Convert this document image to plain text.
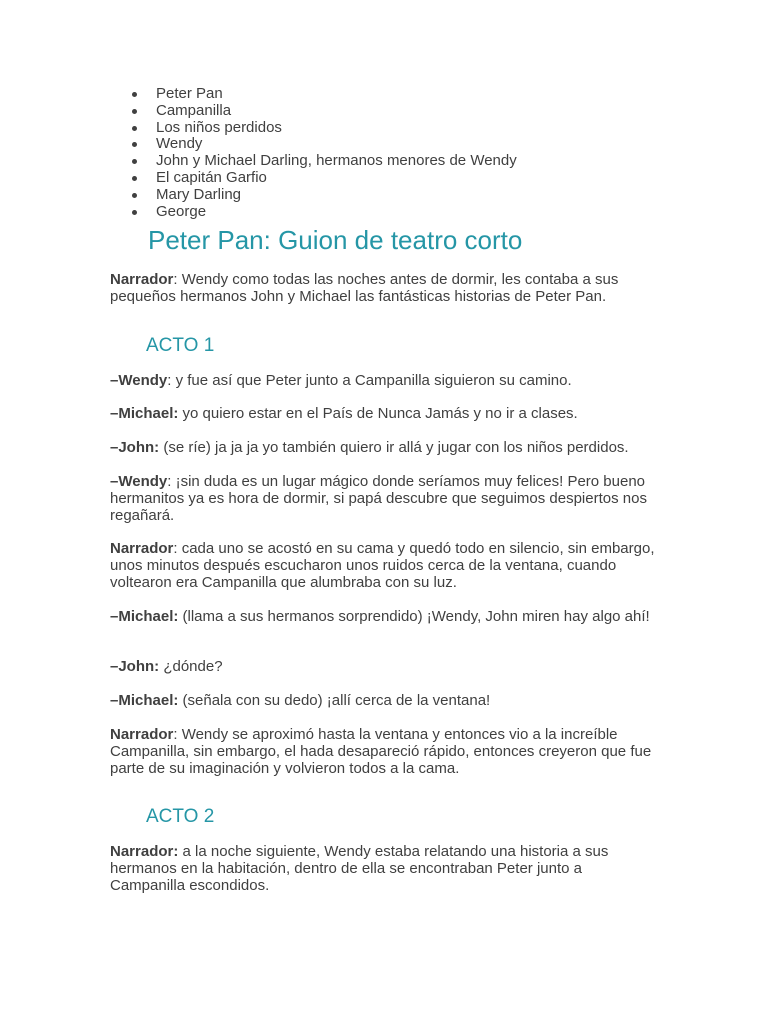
Peter Pan
Campanilla
Los niños perdidos
Wendy
John y Michael Darling, hermanos menores de Wendy
El capitán Garfio
Mary Darling
George
Peter Pan: Guion de teatro corto

Narrador: Wendy como todas las noches antes de dormir, les contaba a sus pequeños hermanos John y Michael las fantásticas historias de Peter Pan.

ACTO 1

–Wendy: y fue así que Peter junto a Campanilla siguieron su camino.

–Michael: yo quiero estar en el País de Nunca Jamás y no ir a clases.

–John: (se ríe) ja ja ja yo también quiero ir allá y jugar con los niños perdidos.

–Wendy: ¡sin duda es un lugar mágico donde seríamos muy felices! Pero bueno hermanitos ya es hora de dormir, si papá descubre que seguimos despiertos nos regañará.

Narrador: cada uno se acostó en su cama y quedó todo en silencio, sin embargo, unos minutos después escucharon unos ruidos cerca de la ventana, cuando voltearon era Campanilla que alumbraba con su luz.

–Michael: (llama a sus hermanos sorprendido) ¡Wendy, John miren hay algo ahí!

–John: ¿dónde?

–Michael: (señala con su dedo) ¡allí cerca de la ventana!

Narrador: Wendy se aproximó hasta la ventana y entonces vio a la increíble Campanilla, sin embargo, el hada desapareció rápido, entonces creyeron que fue parte de su imaginación y volvieron todos a la cama.

ACTO 2

Narrador: a la noche siguiente, Wendy estaba relatando una historia a sus hermanos en la habitación, dentro de ella se encontraban Peter junto a Campanilla escondidos.
